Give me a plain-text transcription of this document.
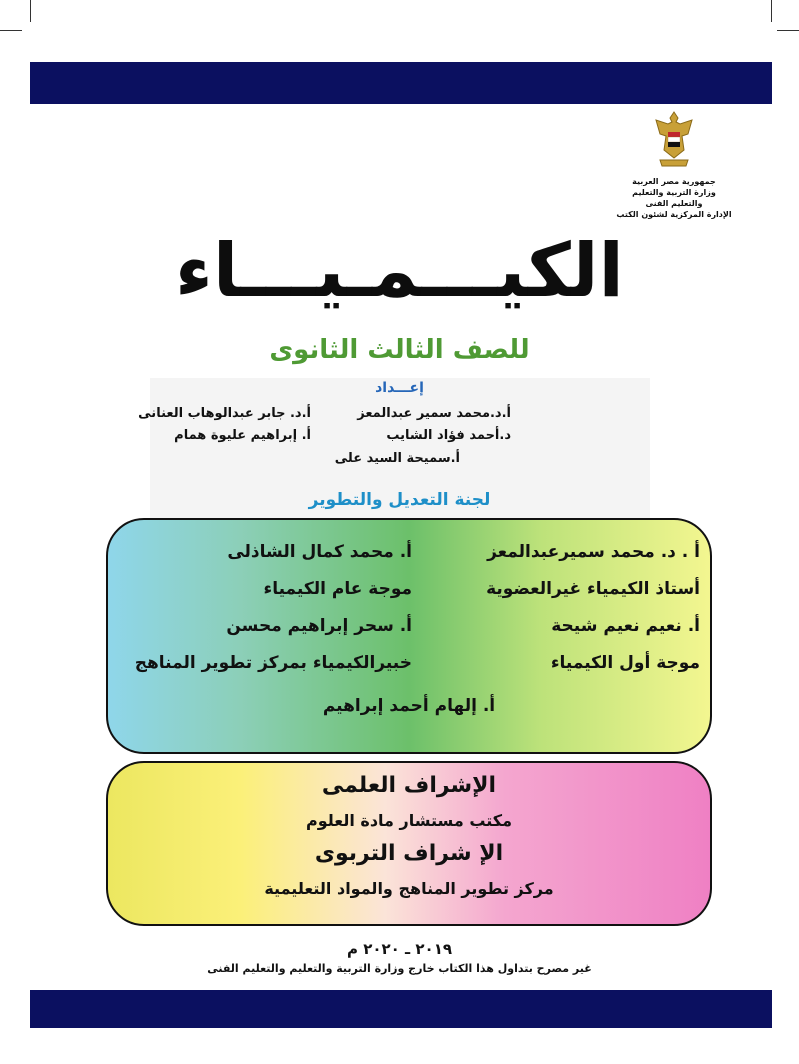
جمهورية مصر العربية
وزارة التربية والتعليم
والتعليم الفنى
الإدارة المركزية لشئون الكتب
الكيـــمـيـــاء
للصف الثالث الثانوى
إعـــداد
أ.د.محمد سمير عبدالمعز
أ.د. جابر عبدالوهاب العنانى
د.أحمد فؤاد الشايب
أ. إبراهيم عليوة همام
أ.سميحة السيد على
لجنة التعديل والتطوير
أ . د. محمد سميرعبدالمعز
أ. محمد كمال الشاذلى
أستاذ الكيمياء غيرالعضوية
موجة عام الكيمياء
أ. نعيم نعيم شيحة
أ. سحر إبراهيم محسن
موجة أول الكيمياء
خبيرالكيمياء بمركز تطوير المناهج
أ. إلهام أحمد إبراهيم
الإشراف العلمى
مكتب مستشار مادة العلوم
الإ شراف التربوى
مركز تطوير المناهج والمواد التعليمية
٢٠١٩ ـ ٢٠٢٠ م
غير مصرح بتداول هذا الكتاب خارج وزارة التربية والتعليم والتعليم الفنى
